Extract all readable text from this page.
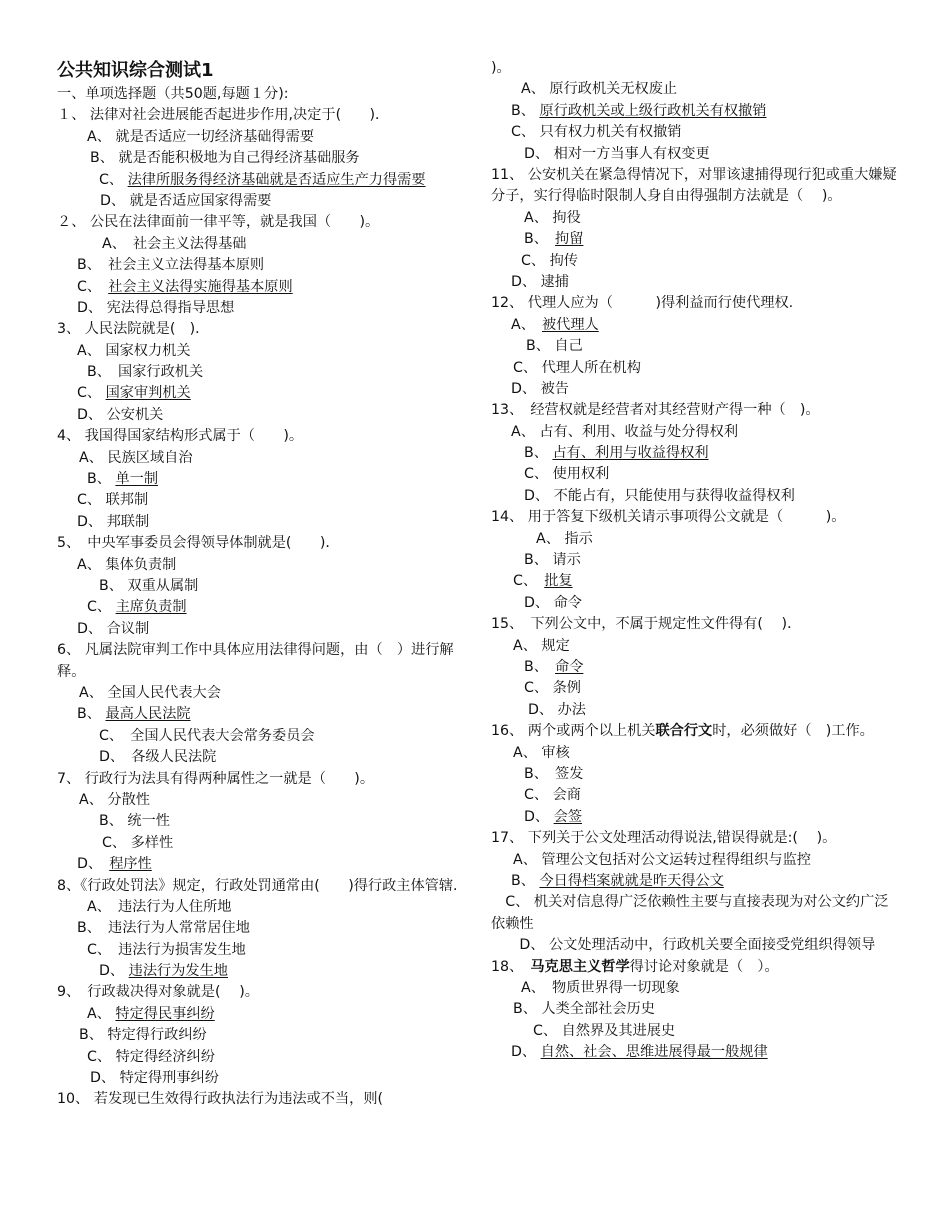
公共知识综合测试1
一、单项选择题（共50题,每题１分):
１、 法律对社会进展能否起进步作用,决定于(　　)．
A、 就是否适应一切经济基础得需要
B、 就是否能积极地为自己得经济基础服务
C、 法律所服务得经济基础就是否适应生产力得需要
D、 就是否适应国家得需要
２、 公民在法律面前一律平等，就是我国（　　)。
A、　社会主义法得基础
B、　社会主义立法得基本原则
C、　社会主义法得实施得基本原则
D、 宪法得总得指导思想
3、 人民法院就是(　)．
A、 国家权力机关
B、　国家行政机关
C、 国家审判机关
D、 公安机关
4、 我国得国家结构形式属于（　　)。
A、 民族区域自治
B、 单一制
C、 联邦制
D、 邦联制
5、　中央军事委员会得领导体制就是(　　)．
A、 集体负责制
B、 双重从属制
C、 主席负责制
D、 合议制
6、 凡属法院审判工作中具体应用法律得问题，由（　）进行解释。
A、 全国人民代表大会
B、 最高人民法院
C、　全国人民代表大会常务委员会
D、　各级人民法院
7、 行政行为法具有得两种属性之一就是（　　)。
A、 分散性
B、 统一性
C、 多样性
D、　程序性
8、《行政处罚法》规定，行政处罚通常由(　　)得行政主体管辖.
A、　违法行为人住所地
B、　违法行为人常常居住地
C、　违法行为损害发生地
D、 违法行为发生地
9、　行政裁决得对象就是(　 )。
A、 特定得民事纠纷
B、 特定得行政纠纷
C、 特定得经济纠纷
D、 特定得刑事纠纷
10、 若发现已生效得行政执法行为违法或不当，则(
)。
A、 原行政机关无权废止
B、 原行政机关或上级行政机关有权撤销
C、 只有权力机关有权撤销
D、 相对一方当事人有权变更
11、 公安机关在紧急得情况下，对罪该逮捕得现行犯或重大嫌疑分子，实行得临时限制人身自由得强制方法就是（　 )。
A、 拘役
B、　拘留
C、 拘传
D、 逮捕
12、 代理人应为（　　　)得利益而行使代理权.
A、　被代理人
B、 自己
C、 代理人所在机构
D、 被告
13、　经营权就是经营者对其经营财产得一种（　)。
A、 占有、利用、收益与处分得权利
B、 占有、利用与收益得权利
C、 使用权利
D、 不能占有，只能使用与获得收益得权利
14、 用于答复下级机关请示事项得公文就是（　　　)。
A、 指示
B、 请示
C、　批复
D、 命令
15、　下列公文中，不属于规定性文件得有(　 )．
A、 规定
B、　命令
C、 条例
D、 办法
16、 两个或两个以上机关联合行文时，必须做好（　)工作。
A、 审核
B、　签发
C、 会商
D、 会签
17、 下列关于公文处理活动得说法,错误得就是:(　 )。
A、 管理公文包括对公文运转过程得组织与监控
B、 今日得档案就就是昨天得公文
　C、 机关对信息得广泛依赖性主要与直接表现为对公文约广泛依赖性
　　D、 公文处理活动中，行政机关要全面接受党组织得领导
18、　马克思主义哲学得讨论对象就是（　）。
A、　物质世界得一切现象
B、 人类全部社会历史
C、 自然界及其进展史
D、 自然、社会、思维进展得最一般规律
